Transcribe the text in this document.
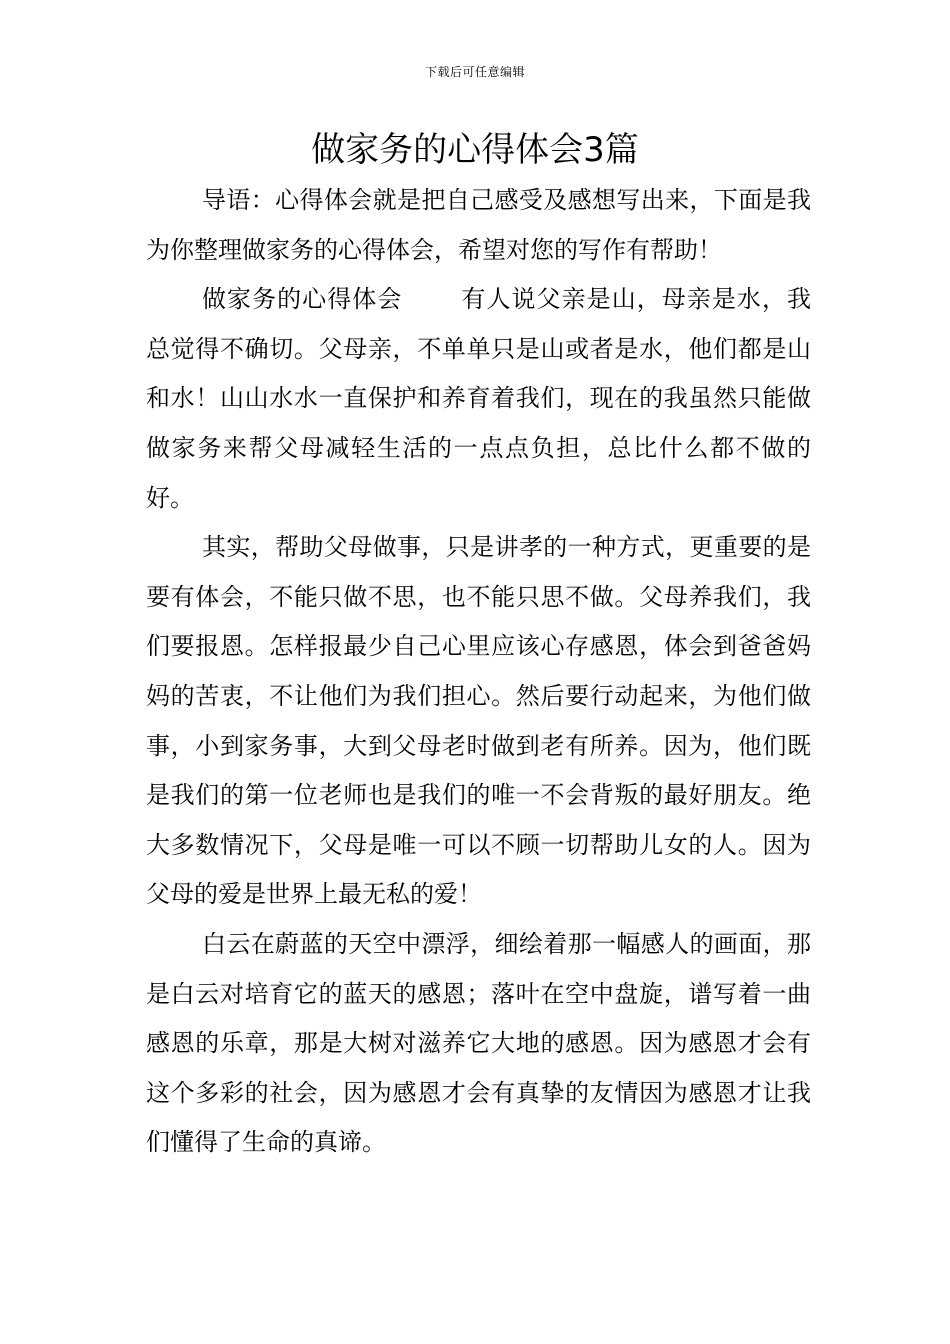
下载后可任意编辑
做家务的心得体会3篇

导语：心得体会就是把自己感受及感想写出来，下面是我为你整理做家务的心得体会，希望对您的写作有帮助！

做家务的心得体会 有人说父亲是山，母亲是水，我总觉得不确切。父母亲，不单单只是山或者是水，他们都是山和水！山山水水一直保护和养育着我们，现在的我虽然只能做做家务来帮父母减轻生活的一点点负担，总比什么都不做的好。

其实，帮助父母做事，只是讲孝的一种方式，更重要的是要有体会，不能只做不思，也不能只思不做。父母养我们，我们要报恩。怎样报最少自己心里应该心存感恩，体会到爸爸妈妈的苦衷，不让他们为我们担心。然后要行动起来，为他们做事，小到家务事，大到父母老时做到老有所养。因为，他们既是我们的第一位老师也是我们的唯一不会背叛的最好朋友。绝大多数情况下，父母是唯一可以不顾一切帮助儿女的人。因为父母的爱是世界上最无私的爱！

白云在蔚蓝的天空中漂浮，细绘着那一幅感人的画面，那是白云对培育它的蓝天的感恩；落叶在空中盘旋，谱写着一曲感恩的乐章，那是大树对滋养它大地的感恩。因为感恩才会有这个多彩的社会，因为感恩才会有真挚的友情因为感恩才让我们懂得了生命的真谛。
